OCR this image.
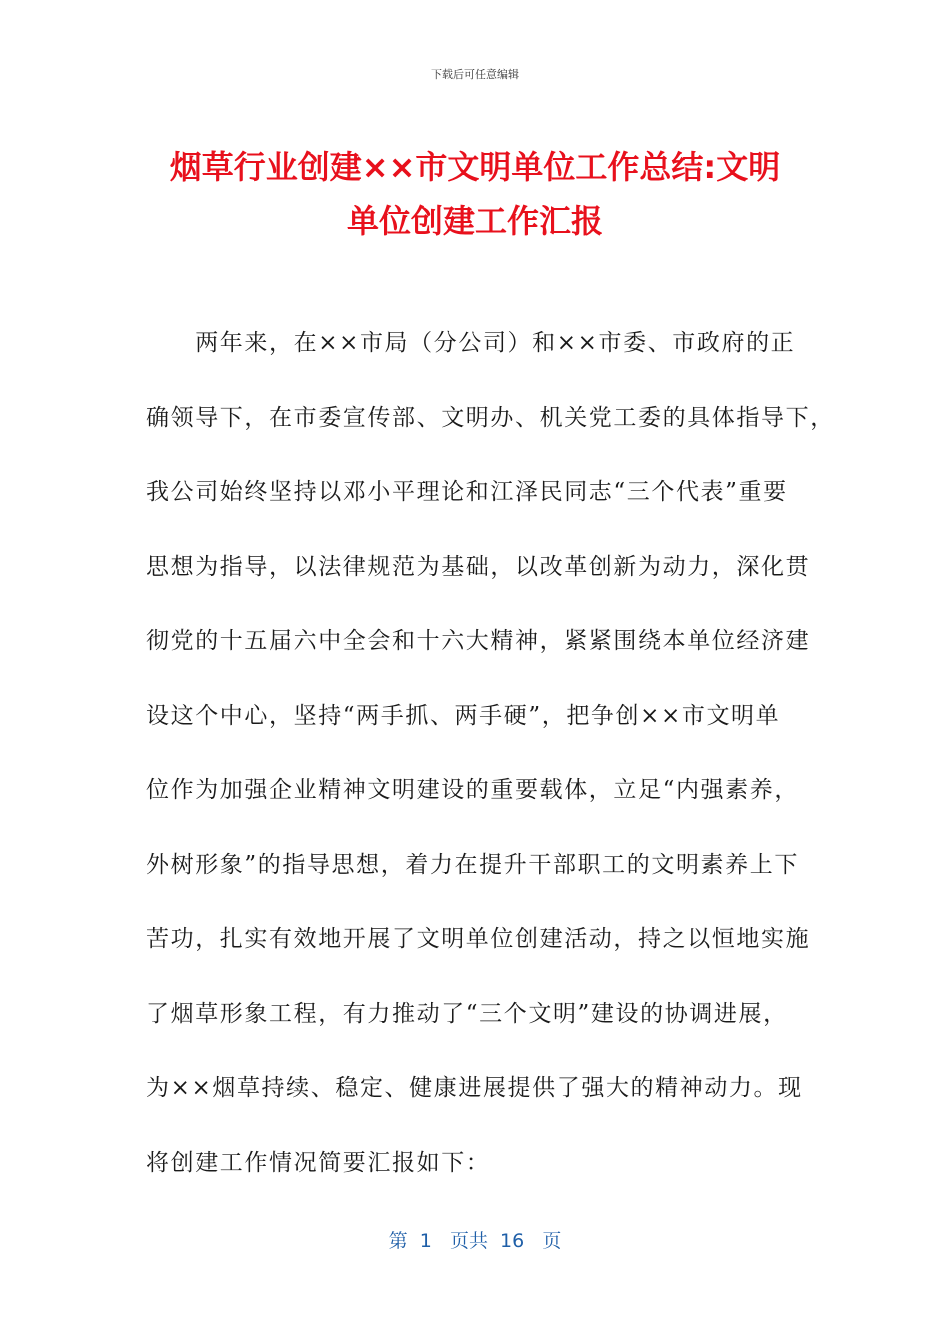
下载后可任意编辑
烟草行业创建××市文明单位工作总结:文明
单位创建工作汇报
　　两年来，在××市局（分公司）和××市委、市政府的正
确领导下，在市委宣传部、文明办、机关党工委的具体指导下，
我公司始终坚持以邓小平理论和江泽民同志“三个代表”重要
思想为指导，以法律规范为基础，以改革创新为动力，深化贯
彻党的十五届六中全会和十六大精神，紧紧围绕本单位经济建
设这个中心，坚持“两手抓、两手硬”，把争创××市文明单
位作为加强企业精神文明建设的重要载体，立足“内强素养，
外树形象”的指导思想，着力在提升干部职工的文明素养上下
苦功，扎实有效地开展了文明单位创建活动，持之以恒地实施
了烟草形象工程，有力推动了“三个文明”建设的协调进展，
为××烟草持续、稳定、健康进展提供了强大的精神动力。现
将创建工作情况简要汇报如下：
第  1   页共  16   页
